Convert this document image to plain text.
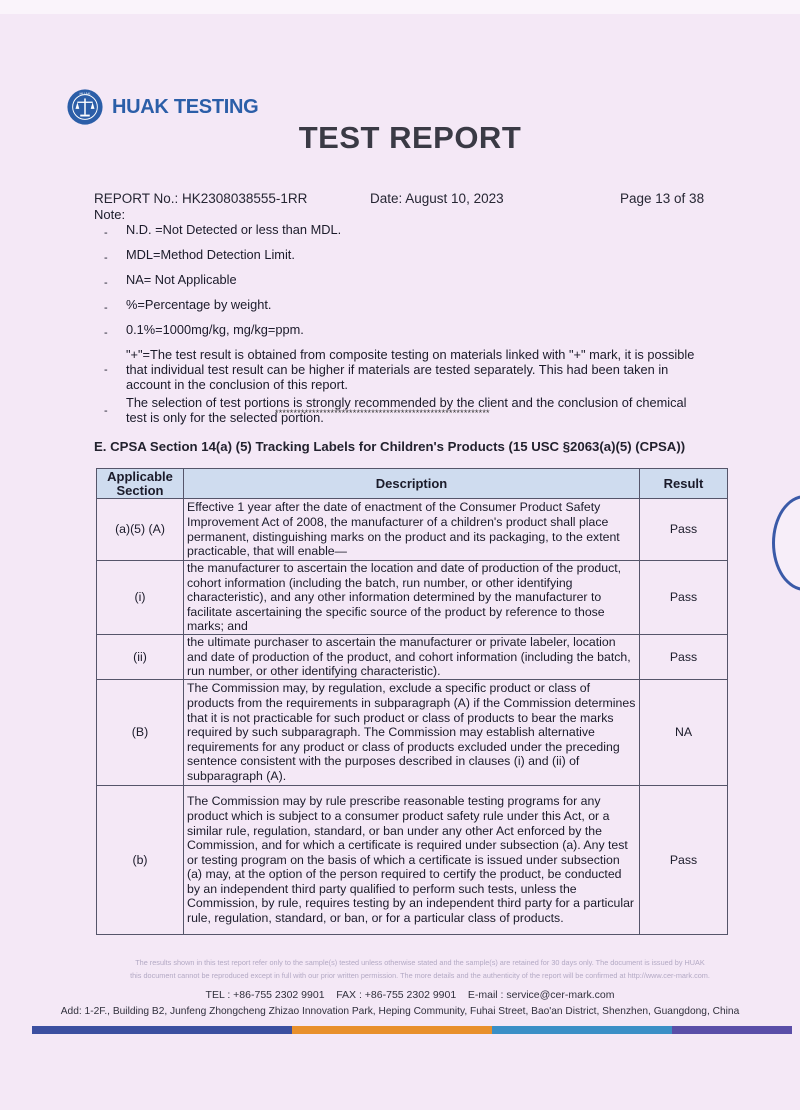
HUAK
HUAK TESTING
TEST REPORT
REPORT No.: HK2308038555-1RR	Date: August 10, 2023	Page 13 of 38
Note:
-	N.D. =Not Detected or less than MDL.
-	MDL=Method Detection Limit.
-	NA= Not Applicable
-	%=Percentage by weight.
-	0.1%=1000mg/kg, mg/kg=ppm.
-
"+"=The test result is obtained from composite testing on materials linked with "+" mark, it is possible that individual test result can be higher if materials are tested separately. This had been taken in account in the conclusion of this report.
-
The selection of test portions is strongly recommended by the client and the conclusion of chemical test is only for the selected portion.
**********************************************************
E. CPSA Section 14(a) (5) Tracking Labels for Children's Products (15 USC §2063(a)(5) (CPSA))
Applicable Section	Description	Result
(a)(5) (A)	Effective 1 year after the date of enactment of the Consumer Product Safety Improvement Act of 2008, the manufacturer of a children's product shall place permanent, distinguishing marks on the product and its packaging, to the extent practicable, that will enable—	Pass
(i)	the manufacturer to ascertain the location and date of production of the product, cohort information (including the batch, run number, or other identifying characteristic), and any other information determined by the manufacturer to facilitate ascertaining the specific source of the product by reference to those marks; and	Pass
(ii)	the ultimate purchaser to ascertain the manufacturer or private labeler, location and date of production of the product, and cohort information (including the batch, run number, or other identifying characteristic).	Pass
(B)	The Commission may, by regulation, exclude a specific product or class of products from the requirements in subparagraph (A) if the Commission determines that it is not practicable for such product or class of products to bear the marks required by such subparagraph. The Commission may establish alternative requirements for any product or class of products excluded under the preceding sentence consistent with the purposes described in clauses (i) and (ii) of subparagraph (A).	NA
(b)	The Commission may by rule prescribe reasonable testing programs for any product which is subject to a consumer product safety rule under this Act, or a similar rule, regulation, standard, or ban under any other Act enforced by the Commission, and for which a certificate is required under subsection (a). Any test or testing program on the basis of which a certificate is issued under subsection (a) may, at the option of the person required to certify the product, be conducted by an independent third party qualified to perform such tests, unless the Commission, by rule, requires testing by an independent third party for a particular rule, regulation, standard, or ban, or for a particular class of products.	Pass
The results shown in this test report refer only to the sample(s) tested unless otherwise stated and the sample(s) are retained for 30 days only. The document is issued by HUAK
this document cannot be reproduced except in full with our prior written permission. The more details and the authenticity of the report will be confirmed at http://www.cer-mark.com.
TEL : +86-755 2302 9901    FAX : +86-755 2302 9901    E-mail : service@cer-mark.com
Add: 1-2F., Building B2, Junfeng Zhongcheng Zhizao Innovation Park, Heping Community, Fuhai Street, Bao'an District, Shenzhen, Guangdong, China
